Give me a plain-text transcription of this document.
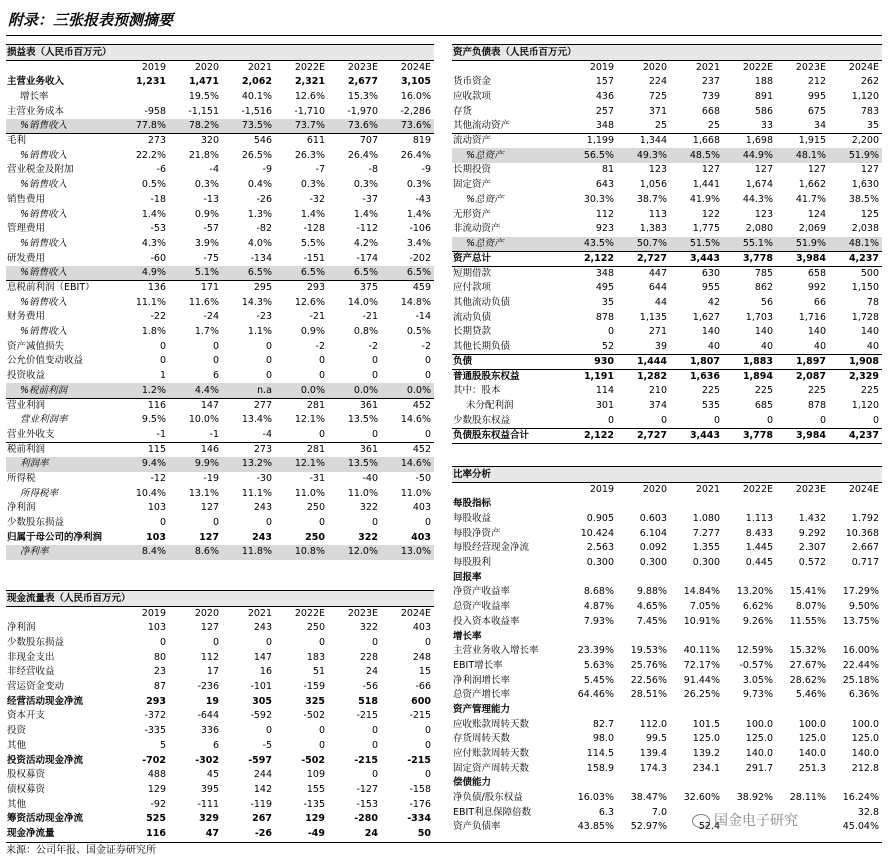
附录：三张报表预测摘要
损益表（人民币百万元）						
	2019	2020	2021	2022E	2023E	2024E
主营业务收入	1,231	1,471	2,062	2,321	2,677	3,105
增长率		19.5%	40.1%	12.6%	15.3%	16.0%
主营业务成本	-958	-1,151	-1,516	-1,710	-1,970	-2,286
%销售收入	77.8%	78.2%	73.5%	73.7%	73.6%	73.6%
毛利	273	320	546	611	707	819
%销售收入	22.2%	21.8%	26.5%	26.3%	26.4%	26.4%
营业税金及附加	-6	-4	-9	-7	-8	-9
%销售收入	0.5%	0.3%	0.4%	0.3%	0.3%	0.3%
销售费用	-18	-13	-26	-32	-37	-43
%销售收入	1.4%	0.9%	1.3%	1.4%	1.4%	1.4%
管理费用	-53	-57	-82	-128	-112	-106
%销售收入	4.3%	3.9%	4.0%	5.5%	4.2%	3.4%
研发费用	-60	-75	-134	-151	-174	-202
%销售收入	4.9%	5.1%	6.5%	6.5%	6.5%	6.5%
息税前利润（EBIT）	136	171	295	293	375	459
%销售收入	11.1%	11.6%	14.3%	12.6%	14.0%	14.8%
财务费用	-22	-24	-23	-21	-21	-14
%销售收入	1.8%	1.7%	1.1%	0.9%	0.8%	0.5%
资产减值损失	0	0	0	-2	-2	-2
公允价值变动收益	0	0	0	0	0	0
投资收益	1	6	0	0	0	0
%税前利润	1.2%	4.4%	n.a	0.0%	0.0%	0.0%
营业利润	116	147	277	281	361	452
营业利润率	9.5%	10.0%	13.4%	12.1%	13.5%	14.6%
营业外收支	-1	-1	-4	0	0	0
税前利润	115	146	273	281	361	452
利润率	9.4%	9.9%	13.2%	12.1%	13.5%	14.6%
所得税	-12	-19	-30	-31	-40	-50
所得税率	10.4%	13.1%	11.1%	11.0%	11.0%	11.0%
净利润	103	127	243	250	322	403
少数股东损益	0	0	0	0	0	0
归属于母公司的净利润	103	127	243	250	322	403
净利率	8.4%	8.6%	11.8%	10.8%	12.0%	13.0%
现金流量表（人民币百万元）						
	2019	2020	2021	2022E	2023E	2024E
净利润	103	127	243	250	322	403
少数股东损益	0	0	0	0	0	0
非现金支出	80	112	147	183	228	248
非经营收益	23	17	16	51	24	15
营运资金变动	87	-236	-101	-159	-56	-66
经营活动现金净流	293	19	305	325	518	600
资本开支	-372	-644	-592	-502	-215	-215
投资	-335	336	0	0	0	0
其他	5	6	-5	0	0	0
投资活动现金净流	-702	-302	-597	-502	-215	-215
股权募资	488	45	244	109	0	0
债权募资	129	395	142	155	-127	-158
其他	-92	-111	-119	-135	-153	-176
筹资活动现金净流	525	329	267	129	-280	-334
现金净流量	116	47	-26	-49	24	50
资产负债表（人民币百万元）						
	2019	2020	2021	2022E	2023E	2024E
货币资金	157	224	237	188	212	262
应收款项	436	725	739	891	995	1,120
存货	257	371	668	586	675	783
其他流动资产	348	25	25	33	34	35
流动资产	1,199	1,344	1,668	1,698	1,915	2,200
%总资产	56.5%	49.3%	48.5%	44.9%	48.1%	51.9%
长期投资	81	123	127	127	127	127
固定资产	643	1,056	1,441	1,674	1,662	1,630
%总资产	30.3%	38.7%	41.9%	44.3%	41.7%	38.5%
无形资产	112	113	122	123	124	125
非流动资产	923	1,383	1,775	2,080	2,069	2,038
%总资产	43.5%	50.7%	51.5%	55.1%	51.9%	48.1%
资产总计	2,122	2,727	3,443	3,778	3,984	4,237
短期借款	348	447	630	785	658	500
应付款项	495	644	955	862	992	1,150
其他流动负债	35	44	42	56	66	78
流动负债	878	1,135	1,627	1,703	1,716	1,728
长期贷款	0	271	140	140	140	140
其他长期负债	52	39	40	40	40	40
负债	930	1,444	1,807	1,883	1,897	1,908
普通股股东权益	1,191	1,282	1,636	1,894	2,087	2,329
其中：股本	114	210	225	225	225	225
未分配利润	301	374	535	685	878	1,120
少数股东权益	0	0	0	0	0	0
负债股东权益合计	2,122	2,727	3,443	3,778	3,984	4,237
比率分析						
	2019	2020	2021	2022E	2023E	2024E
每股指标						
每股收益	0.905	0.603	1.080	1.113	1.432	1.792
每股净资产	10.424	6.104	7.277	8.433	9.292	10.368
每股经营现金净流	2.563	0.092	1.355	1.445	2.307	2.667
每股股利	0.300	0.300	0.300	0.445	0.572	0.717
回报率						
净资产收益率	8.68%	9.88%	14.84%	13.20%	15.41%	17.29%
总资产收益率	4.87%	4.65%	7.05%	6.62%	8.07%	9.50%
投入资本收益率	7.93%	7.45%	10.91%	9.26%	11.55%	13.75%
增长率						
主营业务收入增长率	23.39%	19.53%	40.11%	12.59%	15.32%	16.00%
EBIT增长率	5.63%	25.76%	72.17%	-0.57%	27.67%	22.44%
净利润增长率	5.45%	22.56%	91.44%	3.05%	28.62%	25.18%
总资产增长率	64.46%	28.51%	26.25%	9.73%	5.46%	6.36%
资产管理能力						
应收账款周转天数	82.7	112.0	101.5	100.0	100.0	100.0
存货周转天数	98.0	99.5	125.0	125.0	125.0	125.0
应付账款周转天数	114.5	139.4	139.2	140.0	140.0	140.0
固定资产周转天数	158.9	174.3	234.1	291.7	251.3	212.8
偿债能力						
净负债/股东权益	16.03%	38.47%	32.60%	38.92%	28.11%	16.24%
EBIT利息保障倍数	6.3	7.0				32.8
资产负债率	43.85%	52.97%	52.4			45.04%
国金电子研究
来源：公司年报、国金证券研究所
